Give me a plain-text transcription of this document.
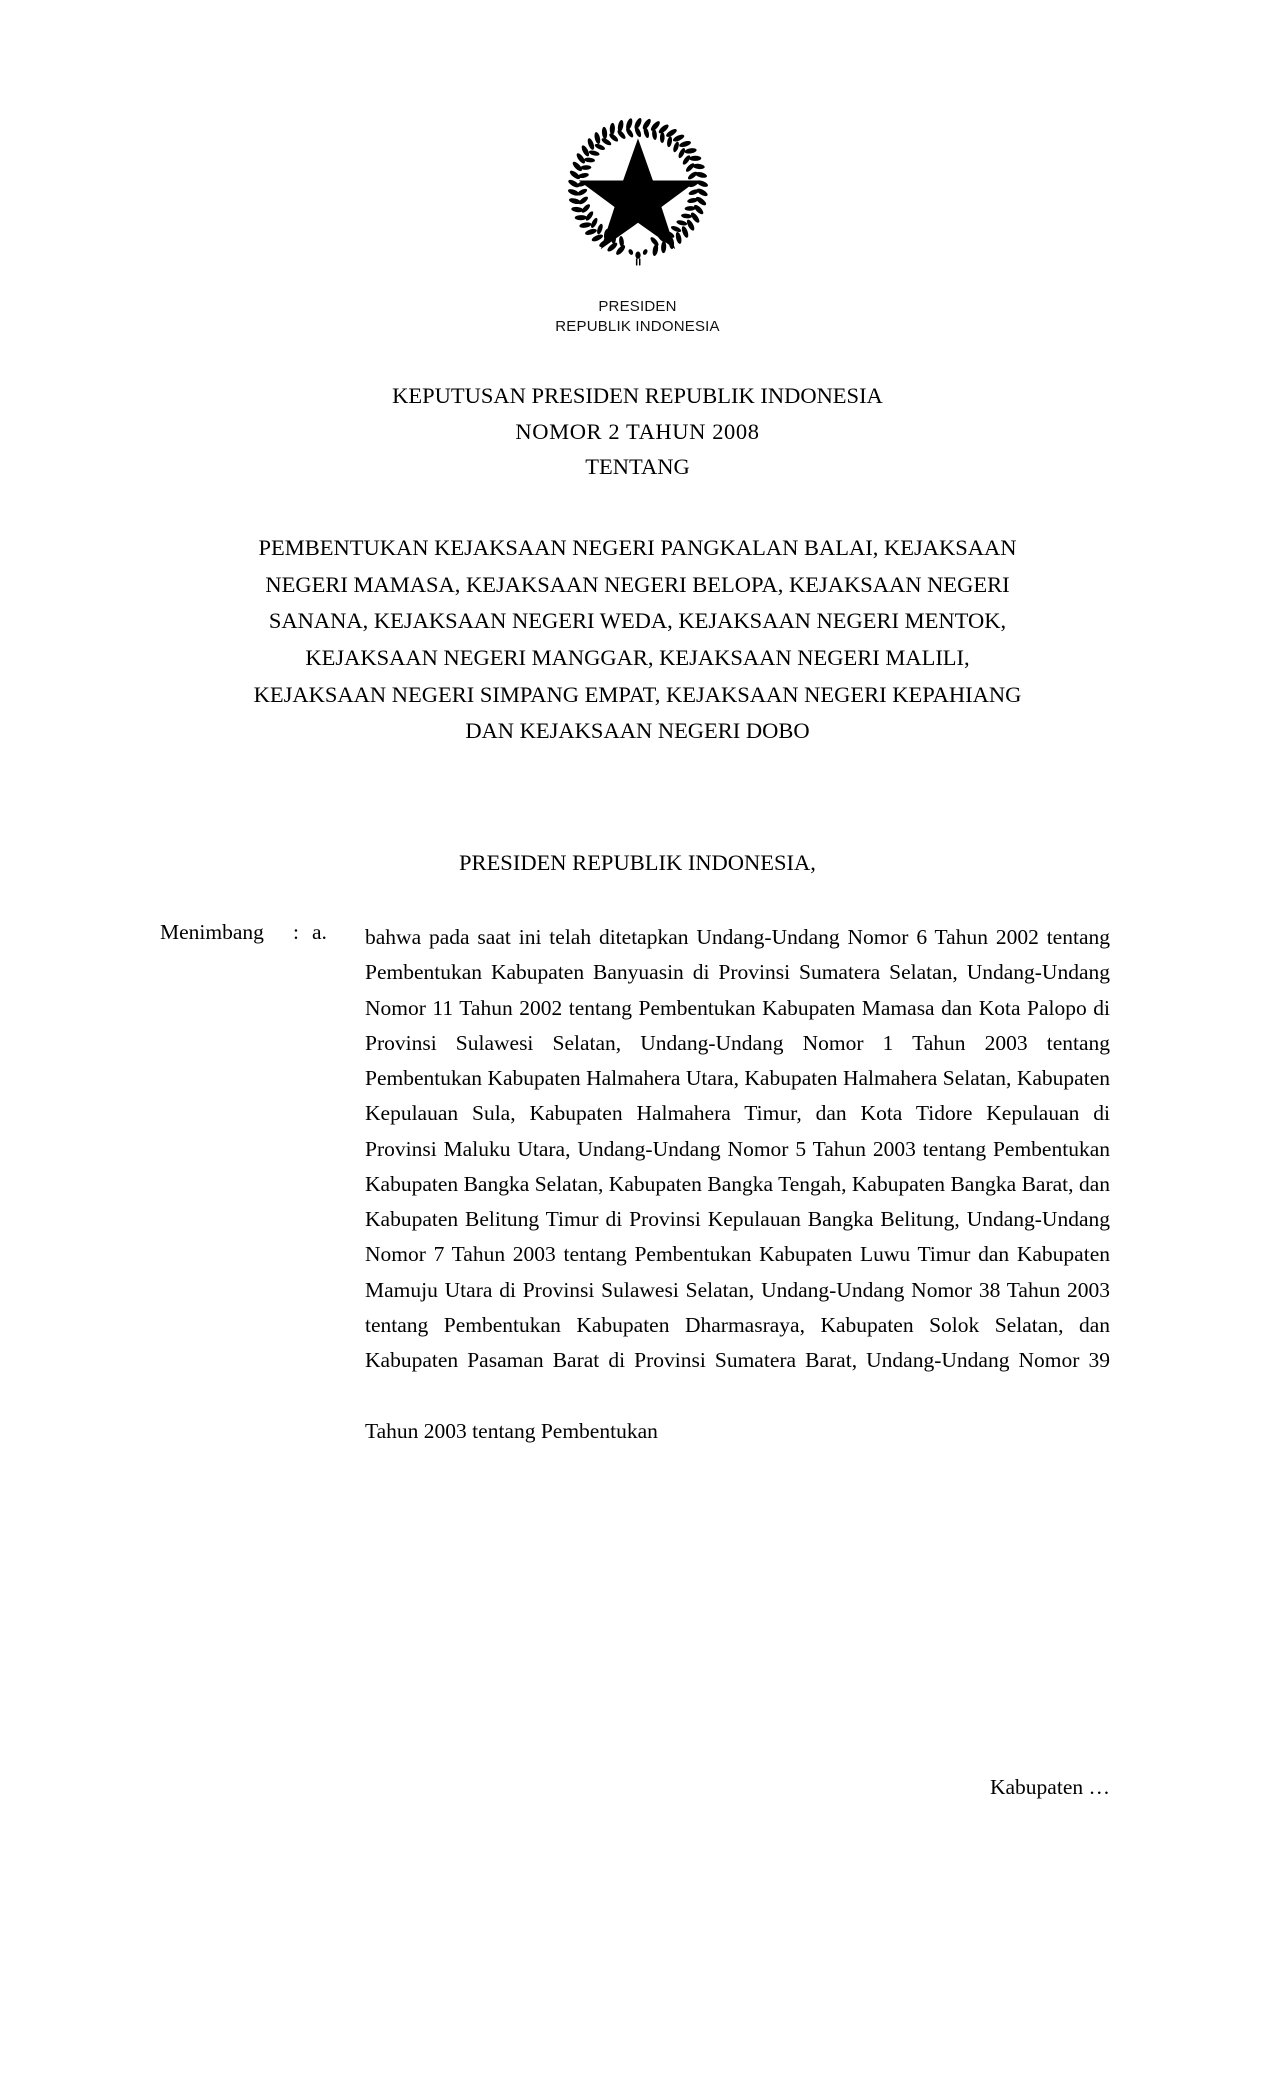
PRESIDEN
REPUBLIK INDONESIA
KEPUTUSAN PRESIDEN REPUBLIK INDONESIA
NOMOR 2 TAHUN 2008
TENTANG
PEMBENTUKAN KEJAKSAAN NEGERI PANGKALAN BALAI, KEJAKSAAN
NEGERI MAMASA, KEJAKSAAN NEGERI BELOPA, KEJAKSAAN NEGERI
SANANA, KEJAKSAAN NEGERI WEDA, KEJAKSAAN NEGERI MENTOK,
KEJAKSAAN NEGERI MANGGAR, KEJAKSAAN NEGERI MALILI,
KEJAKSAAN NEGERI SIMPANG EMPAT, KEJAKSAAN NEGERI KEPAHIANG
DAN KEJAKSAAN NEGERI DOBO
PRESIDEN REPUBLIK INDONESIA,
Menimbang	: a.	bahwa pada saat ini telah ditetapkan Undang-Undang Nomor 6 Tahun 2002 tentang Pembentukan Kabupaten Banyuasin di Provinsi Sumatera Selatan, Undang-Undang Nomor 11 Tahun 2002 tentang Pembentukan Kabupaten Mamasa dan Kota Palopo di Provinsi Sulawesi Selatan, Undang-Undang Nomor 1 Tahun 2003 tentang Pembentukan Kabupaten Halmahera Utara, Kabupaten Halmahera Selatan, Kabupaten Kepulauan Sula, Kabupaten Halmahera Timur, dan Kota Tidore Kepulauan di Provinsi Maluku Utara, Undang-Undang Nomor 5 Tahun 2003 tentang Pembentukan Kabupaten Bangka Selatan, Kabupaten Bangka Tengah, Kabupaten Bangka Barat, dan Kabupaten Belitung Timur di Provinsi Kepulauan Bangka Belitung, Undang-Undang Nomor 7 Tahun 2003 tentang Pembentukan Kabupaten Luwu Timur dan Kabupaten Mamuju Utara di Provinsi Sulawesi Selatan, Undang-Undang Nomor 38 Tahun 2003 tentang Pembentukan Kabupaten Dharmasraya, Kabupaten Solok Selatan, dan Kabupaten Pasaman Barat di Provinsi Sumatera Barat, Undang-Undang Nomor 39

Tahun 2003 tentang Pembentukan

Kabupaten …
